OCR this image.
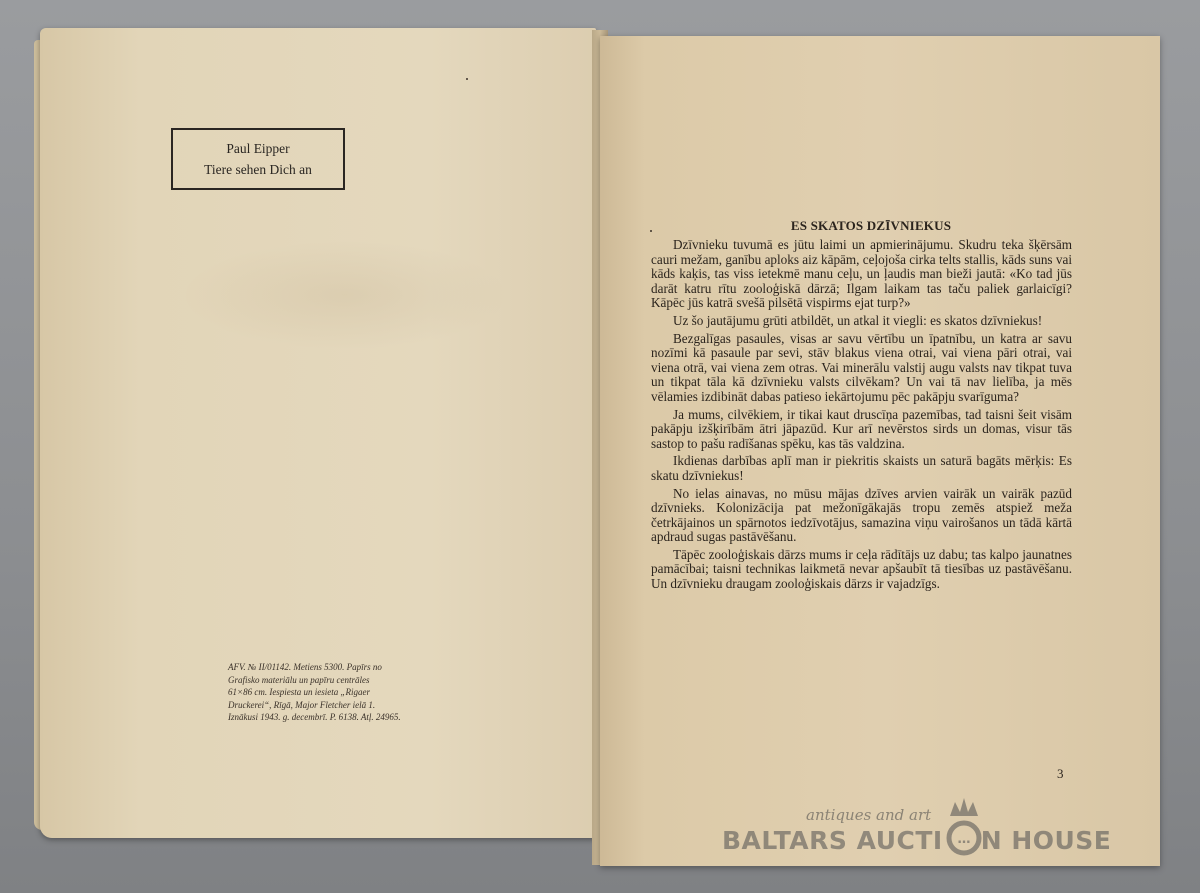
Paul Eipper
Tiere sehen Dich an
AFV. № II/01142. Metiens 5300. Papīrs no
Grafisko materiālu un papīru centrāles
61×86 cm. Iespiesta un iesieta „Rigaer
Druckerei“, Rīgā, Major Fletcher ielā 1.
Iznākusi 1943. g. decembrī. P. 6138. Atļ. 24965.
ES SKATOS DZĪVNIEKUS

Dzīvnieku tuvumā es jūtu laimi un apmierinājumu. Skudru teka šķērsām cauri mežam, ganību aploks aiz kāpām, ceļojoša cirka telts stallis, kāds suns vai kāds kaķis, tas viss ietekmē manu ceļu, un ļaudis man bieži jautā: «Ko tad jūs darāt katru rītu zooloģiskā dārzā; Ilgam laikam tas taču paliek garlaicīgi? Kāpēc jūs katrā svešā pilsētā vispirms ejat turp?»

Uz šo jautājumu grūti atbildēt, un atkal it viegli: es skatos dzīvniekus!

Bezgalīgas pasaules, visas ar savu vērtību un īpatnību, un katra ar savu nozīmi kā pasaule par sevi, stāv blakus viena otrai, vai viena pāri otrai, vai viena otrā, vai viena zem otras. Vai minerālu valstij augu valsts nav tikpat tuva un tikpat tāla kā dzīvnieku valsts cilvēkam? Un vai tā nav lielība, ja mēs vēlamies izdibināt dabas patieso iekārtojumu pēc pakāpju svarīguma?

Ja mums, cilvēkiem, ir tikai kaut druscīņa pazemības, tad taisni šeit visām pakāpju izšķirībām ātri jāpazūd. Kur arī nevērstos sirds un domas, visur tās sastop to pašu radīšanas spēku, kas tās valdzina.

Ikdienas darbības aplī man ir piekritis skaists un saturā bagāts mērķis: Es skatu dzīvniekus!

No ielas ainavas, no mūsu mājas dzīves arvien vairāk un vairāk pazūd dzīvnieks. Kolonizācija pat mežonīgākajās tropu zemēs atspiež meža četrkājainos un spārnotos iedzīvotājus, samazina viņu vairošanos un tādā kārtā apdraud sugas pastāvēšanu.

Tāpēc zooloģiskais dārzs mums ir ceļa rādītājs uz dabu; tas kalpo jaunatnes pamācībai; taisni technikas laikmetā nevar apšaubīt tā tiesības uz pastāvēšanu. Un dzīvnieku draugam zooloģiskais dārzs ir vajadzīgs.

3
antiques and art
BALTARS AUCTI N HOUSE
…
